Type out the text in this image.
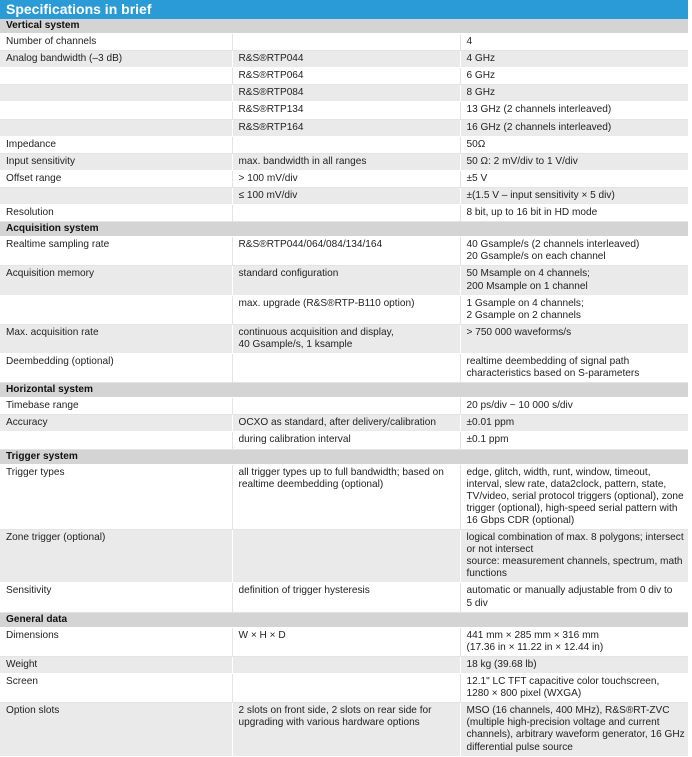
Specifications in brief
Vertical system		

Number of channels		4

Analog bandwidth (–3 dB)	R&S®RTP044	4 GHz

	R&S®RTP064	6 GHz

	R&S®RTP084	8 GHz

	R&S®RTP134	13 GHz (2 channels interleaved)

	R&S®RTP164	16 GHz (2 channels interleaved)

Impedance		50Ω

Input sensitivity	max. bandwidth in all ranges	50 Ω: 2 mV/div to 1 V/div

Offset range	> 100 mV/div	±5 V

	≤ 100 mV/div	±(1.5 V – input sensitivity × 5 div)

Resolution		8 bit, up to 16 bit in HD mode

Acquisition system		

Realtime sampling rate	R&S®RTP044/064/084/134/164	40 Gsample/s (2 channels interleaved)
20 Gsample/s on each channel

Acquisition memory	standard configuration	50 Msample on 4 channels;
200 Msample on 1 channel

	max. upgrade (R&S®RTP-B110 option)	1 Gsample on 4 channels;
2 Gsample on 2 channels

Max. acquisition rate	continuous acquisition and display,
40 Gsample/s, 1 ksample	> 750 000 waveforms/s

Deembedding (optional)		realtime deembedding of signal path
characteristics based on S-parameters

Horizontal system		

Timebase range		20 ps/div ~ 10 000 s/div

Accuracy	OCXO as standard, after delivery/calibration	±0.01 ppm

	during calibration interval	±0.1 ppm

Trigger system		

Trigger types	all trigger types up to full bandwidth; based on
realtime deembedding (optional)	edge, glitch, width, runt, window, timeout,
interval, slew rate, data2clock, pattern, state,
TV/video, serial protocol triggers (optional), zone
trigger (optional), high-speed serial pattern with
16 Gbps CDR (optional)

Zone trigger (optional)		logical combination of max. 8 polygons; intersect
or not intersect
source: measurement channels, spectrum, math
functions

Sensitivity	definition of trigger hysteresis	automatic or manually adjustable from 0 div to
5 div

General data		

Dimensions	W × H × D	441 mm × 285 mm × 316 mm
(17.36 in × 11.22 in × 12.44 in)

Weight		18 kg (39.68 lb)

Screen		12.1" LC TFT capacitive color touchscreen,
1280 × 800 pixel (WXGA)

Option slots	2 slots on front side, 2 slots on rear side for
upgrading with various hardware options	MSO (16 channels, 400 MHz), R&S®RT-ZVC
(multiple high-precision voltage and current
channels), arbitrary waveform generator, 16 GHz
differential pulse source
